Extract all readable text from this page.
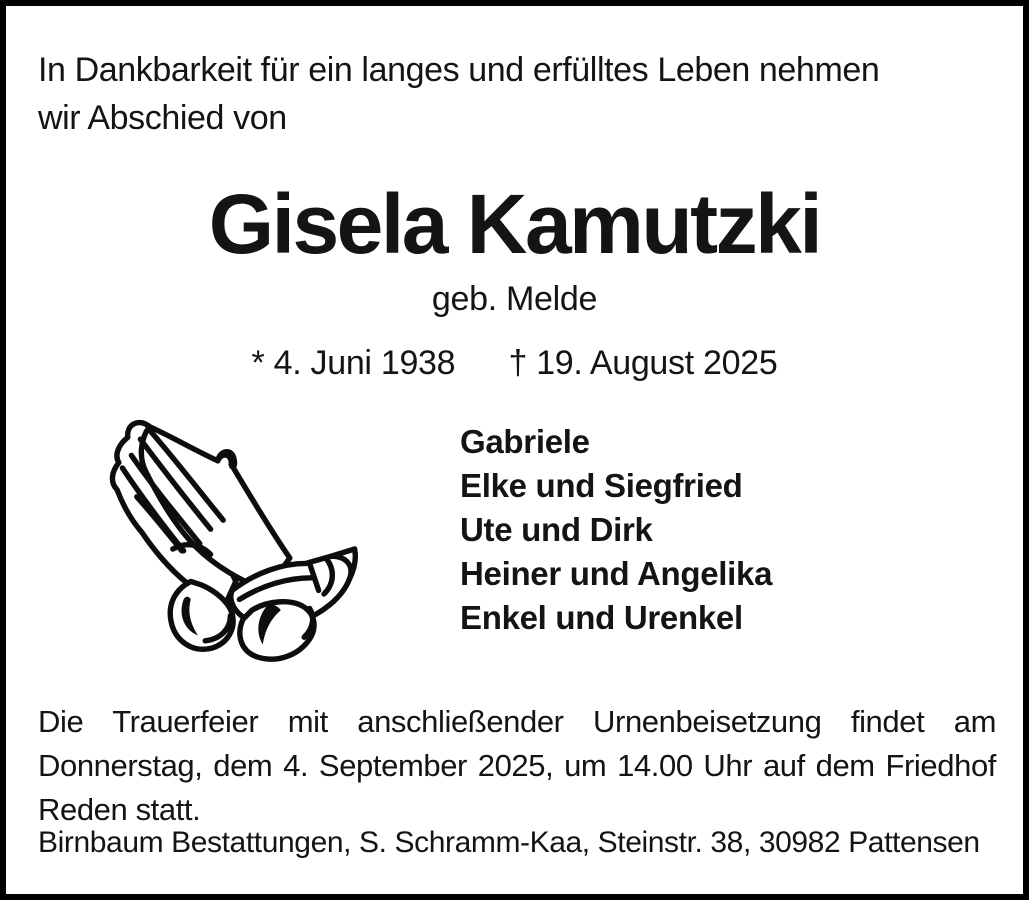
In Dankbarkeit für ein langes und erfülltes Leben nehmen
wir Abschied von
Gisela Kamutzki
geb. Melde
* 4. Juni 1938 † 19. August 2025
Gabriele
Elke und Siegfried
Ute und Dirk
Heiner und Angelika
Enkel und Urenkel
Die Trauerfeier mit anschließender Urnenbeisetzung findet am
Donnerstag, dem 4. September 2025, um 14.00 Uhr auf dem Friedhof
Reden statt.
Birnbaum Bestattungen, S. Schramm-Kaa, Steinstr. 38, 30982 Pattensen
